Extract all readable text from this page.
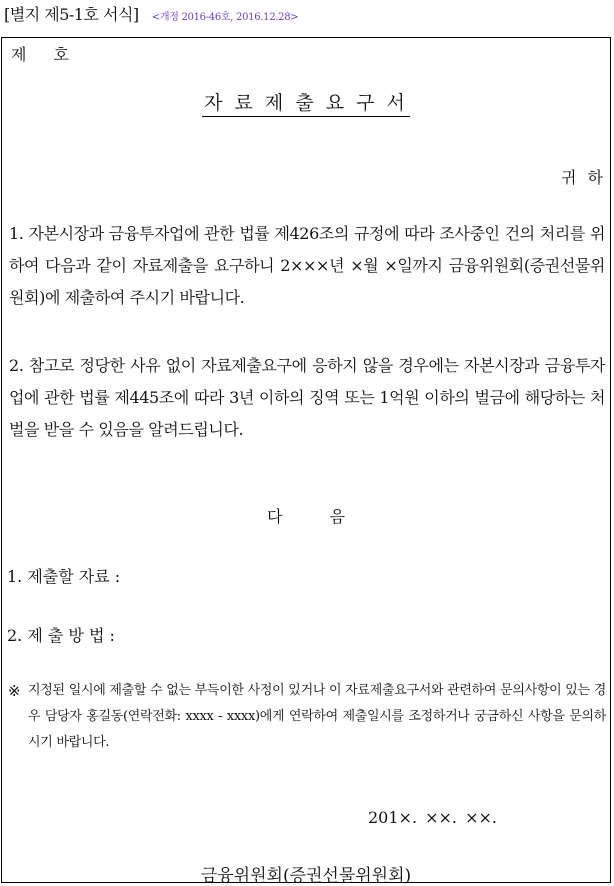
[별지 제5-1호 서식] <개정 2016-46호, 2016.12.28>
제 호
자 료 제 출 요 구 서
귀 하
1. 자본시장과 금융투자업에 관한 법률 제426조의 규정에 따라 조사중인 건의 처리를 위하여 다음과 같이 자료제출을 요구하니 2×××년 ×월 ×일까지 금융위원회(증권선물위원회)에 제출하여 주시기 바랍니다.
2. 참고로 정당한 사유 없이 자료제출요구에 응하지 않을 경우에는 자본시장과 금융투자업에 관한 법률 제445조에 따라 3년 이하의 징역 또는 1억원 이하의 벌금에 해당하는 처벌을 받을 수 있음을 알려드립니다.
다 음
1. 제출할 자료 :
2. 제 출 방 법 :
※ 지정된 일시에 제출할 수 없는 부득이한 사정이 있거나 이 자료제출요구서와 관련하여 문의사항이 있는 경우 담당자 홍길동(연락전화: xxxx - xxxx)에게 연락하여 제출일시를 조정하거나 궁금하신 사항을 문의하시기 바랍니다.
201×. ××. ××.
금융위원회(증권선물위원회)
